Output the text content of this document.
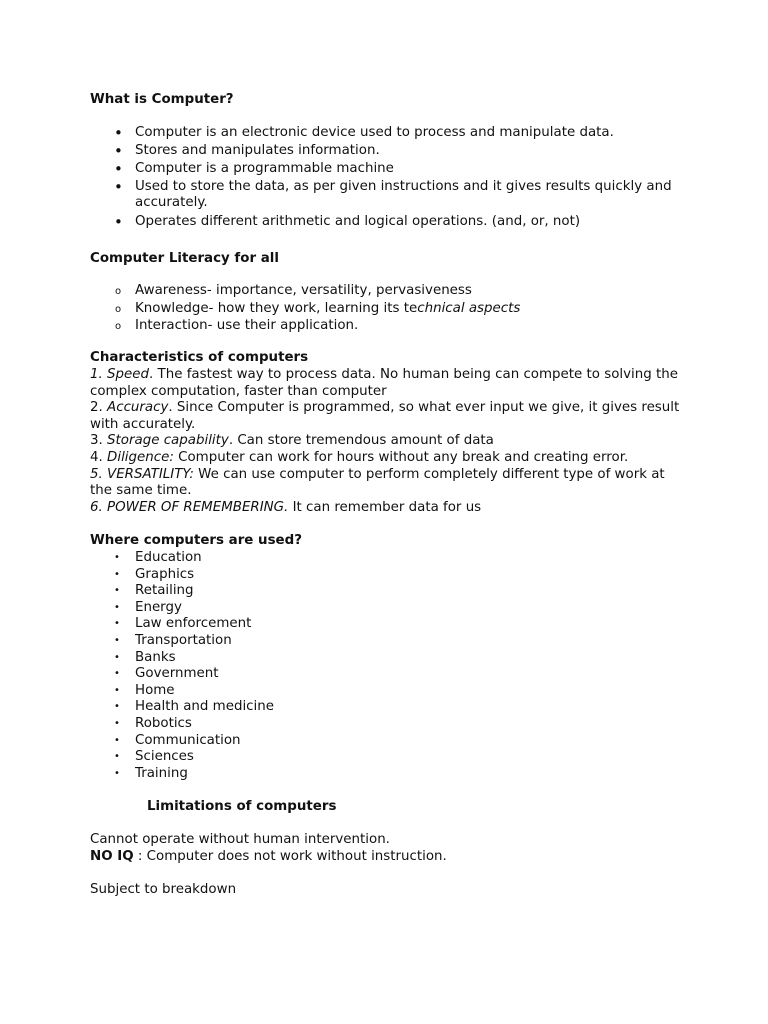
What is Computer?
• Computer is an electronic device used to process and manipulate data.
• Stores and manipulates information.
• Computer is a programmable machine
• Used to store the data, as per given instructions and it gives results quickly and accurately.
• Operates different arithmetic and logical operations. (and, or, not)
Computer Literacy for all
o Awareness- importance, versatility, pervasiveness
o Knowledge- how they work, learning its technical aspects
o Interaction- use their application.
Characteristics of computers

1. Speed. The fastest way to process data. No human being can compete to solving the complex computation, faster than computer

2. Accuracy. Since Computer is programmed, so what ever input we give, it gives result with accurately.

3. Storage capability. Can store tremendous amount of data

4. Diligence: Computer can work for hours without any break and creating error.

5. VERSATILITY: We can use computer to perform completely different type of work at the same time.

6. POWER OF REMEMBERING. It can remember data for us

Where computers are used?
• Education
• Graphics
• Retailing
• Energy
• Law enforcement
• Transportation
• Banks
• Government
• Home
• Health and medicine
• Robotics
• Communication
• Sciences
• Training
Limitations of computers
Cannot operate without human intervention.
NO IQ : Computer does not work without instruction.
Subject to breakdown
